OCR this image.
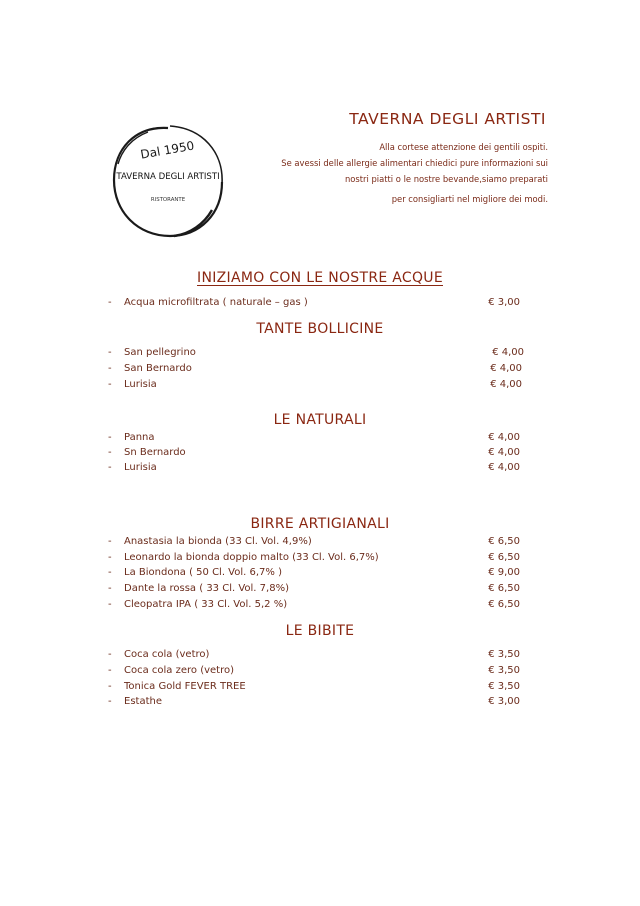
Dal 1950
TAVERNA DEGLI ARTISTI
RISTORANTE
TAVERNA DEGLI ARTISTI
Alla cortese attenzione dei gentili ospiti.
Se avessi delle allergie alimentari chiedici pure informazioni sui
nostri piatti o le nostre bevande,siamo preparati
per consigliarti nel migliore dei modi.
INIZIAMO CON LE NOSTRE ACQUE
- Acqua microfiltrata ( naturale – gas )	€ 3,00
TANTE BOLLICINE
- San pellegrino	€ 4,00
- San Bernardo	€ 4,00
- Lurisia	€ 4,00
LE NATURALI
- Panna	€ 4,00
- Sn Bernardo	€ 4,00
- Lurisia	€ 4,00
BIRRE ARTIGIANALI
- Anastasia la bionda (33 Cl. Vol. 4,9%)	€ 6,50
- Leonardo la bionda doppio malto (33 Cl. Vol. 6,7%)	€ 6,50
- La Biondona ( 50 Cl. Vol. 6,7% )	€ 9,00
- Dante la rossa ( 33 Cl. Vol. 7,8%)	€ 6,50
- Cleopatra IPA ( 33 Cl. Vol. 5,2 %)	€ 6,50
LE BIBITE
- Coca cola (vetro)	€ 3,50
- Coca cola zero (vetro)	€ 3,50
- Tonica Gold FEVER TREE	€ 3,50
- Estathe	€ 3,00
